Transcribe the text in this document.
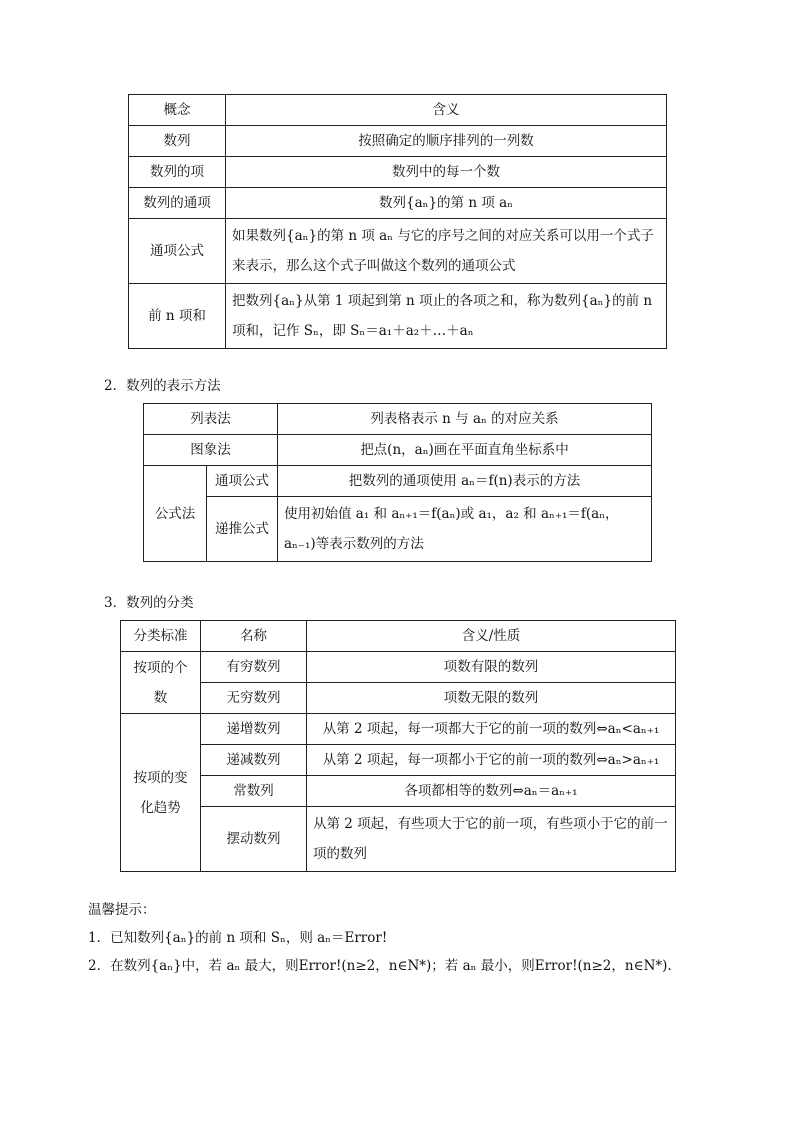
概念	含义
数列	按照确定的顺序排列的一列数
数列的项	数列中的每一个数
数列的通项	数列{aₙ}的第 n 项 aₙ
通项公式	如果数列{aₙ}的第 n 项 aₙ 与它的序号之间的对应关系可以用一个式子来表示，那么这个式子叫做这个数列的通项公式
前 n 项和	把数列{aₙ}从第 1 项起到第 n 项止的各项之和，称为数列{aₙ}的前 n 项和，记作 Sₙ，即 Sₙ＝a₁＋a₂＋…＋aₙ
2．数列的表示方法
列表法		列表格表示 n 与 aₙ 的对应关系
图象法		把点(n，aₙ)画在平面直角坐标系中
公式法	通项公式	把数列的通项使用 aₙ＝f(n)表示的方法
	递推公式	使用初始值 a₁ 和 aₙ₊₁＝f(aₙ)或 a₁，a₂ 和 aₙ₊₁＝f(aₙ，aₙ₋₁)等表示数列的方法
3．数列的分类
分类标准	名称	含义/性质
按项的个数	有穷数列	项数有限的数列
	无穷数列	项数无限的数列
按项的变化趋势	递增数列	从第 2 项起，每一项都大于它的前一项的数列⇔aₙ<aₙ₊₁
	递减数列	从第 2 项起，每一项都小于它的前一项的数列⇔aₙ>aₙ₊₁
	常数列	各项都相等的数列⇔aₙ＝aₙ₊₁
	摆动数列	从第 2 项起，有些项大于它的前一项，有些项小于它的前一项的数列
温馨提示：
1．已知数列{aₙ}的前 n 项和 Sₙ，则 aₙ＝Error!
2．在数列{aₙ}中，若 aₙ 最大，则Error!(n≥2，n∈N*)；若 aₙ 最小，则Error!(n≥2，n∈N*).
